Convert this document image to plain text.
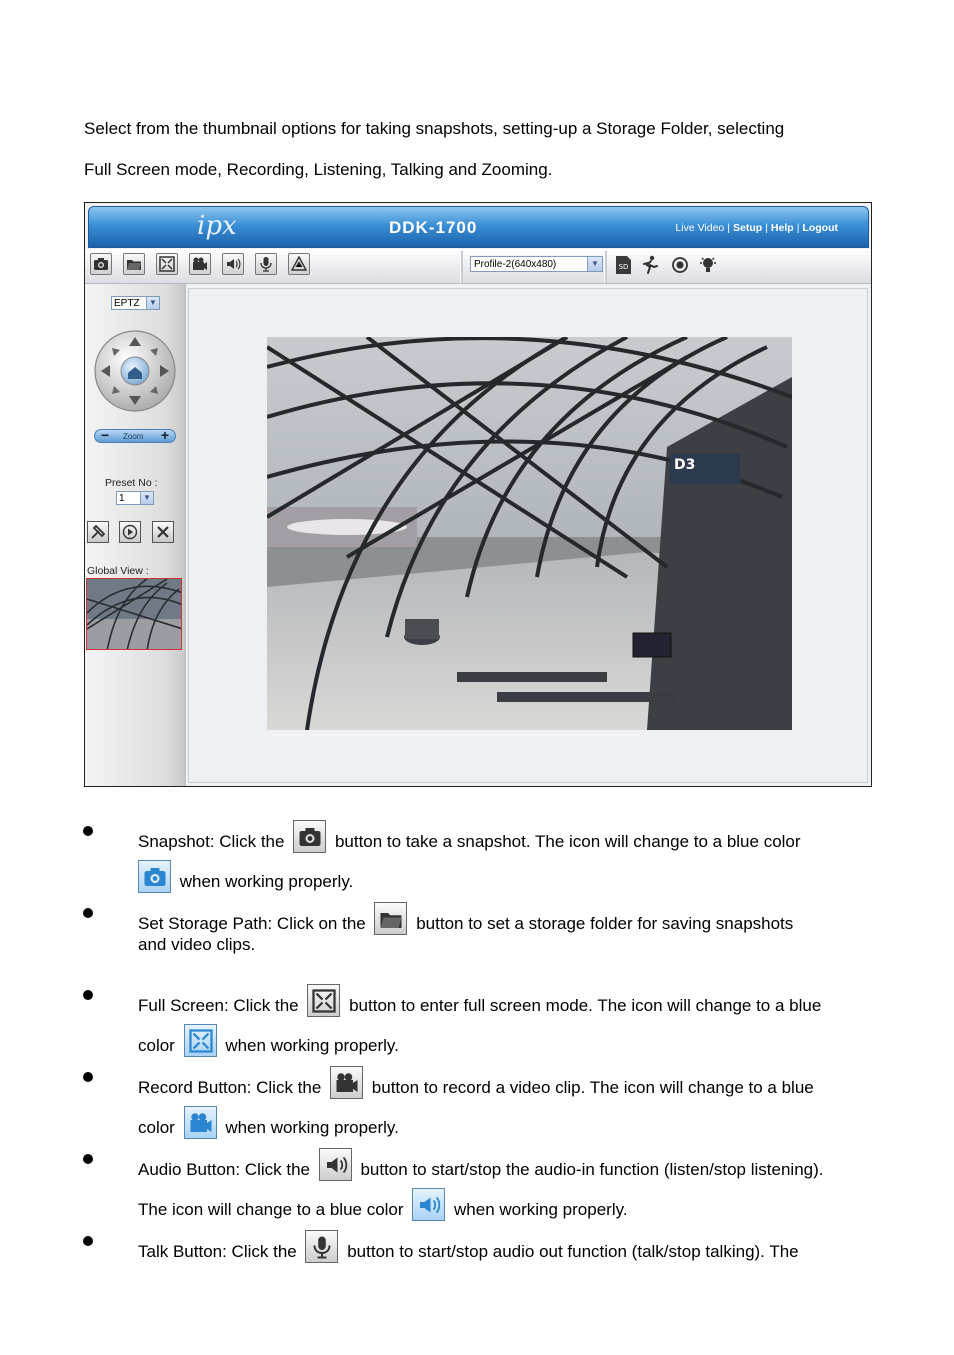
Select from the thumbnail options for taking snapshots, setting-up a Storage Folder, selecting
Full Screen mode, Recording, Listening, Talking and Zooming.

ipx	DDK-1700	Live Video | Setup | Help | Logout
Profile-2(640x480)	▼	SD
EPTZ	▼
− Zoom +
Preset No :
1	▼
Global View :
D3
Snapshot: Click the	button to take a snapshot. The icon will change to a blue color
when working properly.
Set Storage Path: Click on the	button to set a storage folder for saving snapshots
and video clips.
Full Screen: Click the	button to enter full screen mode. The icon will change to a blue
color	when working properly.
Record Button: Click the	button to record a video clip. The icon will change to a blue
color	when working properly.
Audio Button: Click the	button to start/stop the audio-in function (listen/stop listening).
The icon will change to a blue color	when working properly.
Talk Button: Click the	button to start/stop audio out function (talk/stop talking). The
